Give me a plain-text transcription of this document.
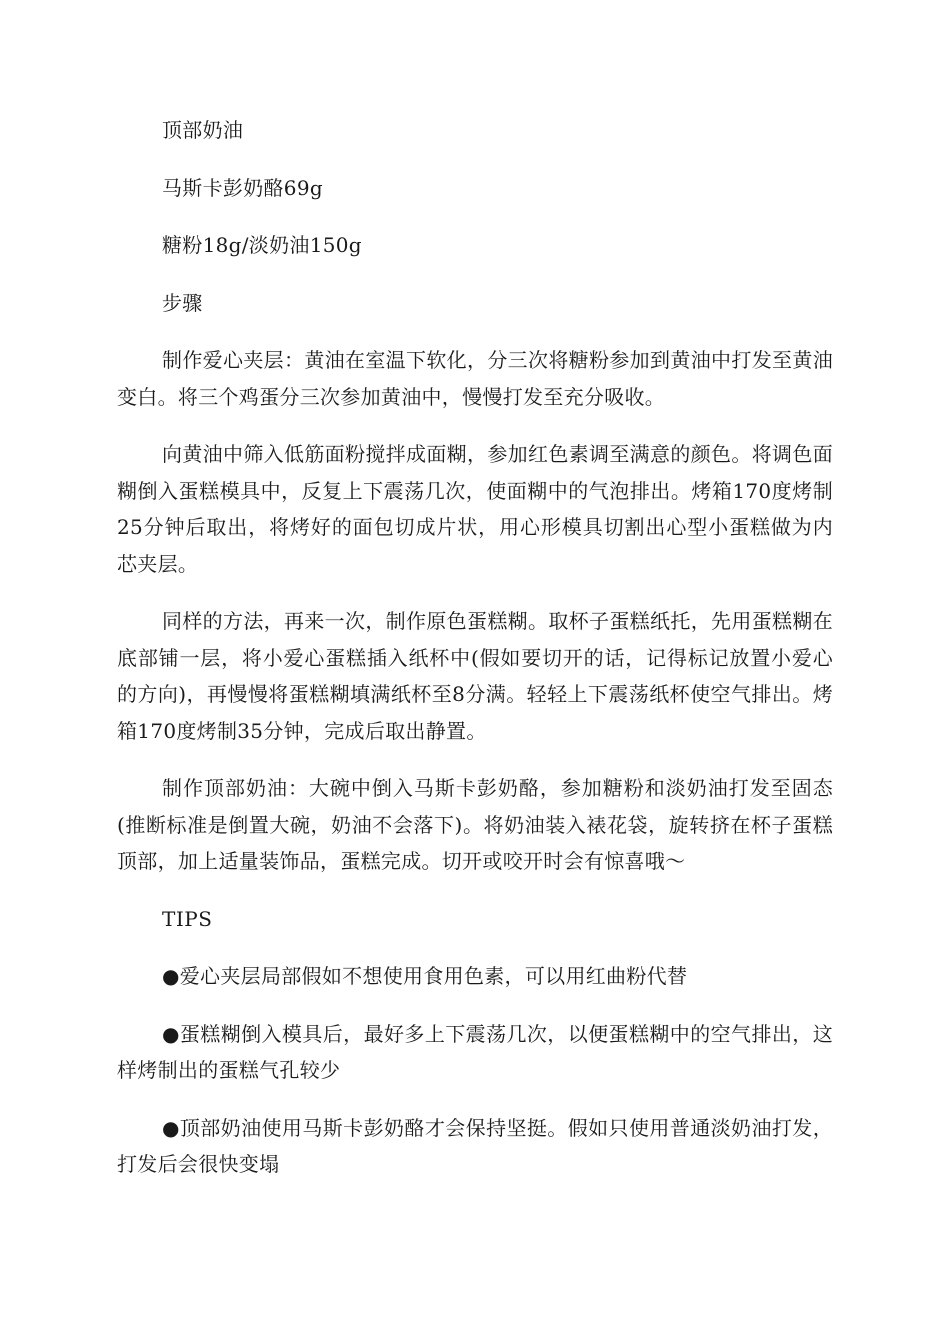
顶部奶油

马斯卡彭奶酪69g

糖粉18g/淡奶油150g

步骤

制作爱心夹层：黄油在室温下软化，分三次将糖粉参加到黄油中打发至黄油变白。将三个鸡蛋分三次参加黄油中，慢慢打发至充分吸收。

向黄油中筛入低筋面粉搅拌成面糊，参加红色素调至满意的颜色。将调色面糊倒入蛋糕模具中，反复上下震荡几次，使面糊中的气泡排出。烤箱170度烤制25分钟后取出，将烤好的面包切成片状，用心形模具切割出心型小蛋糕做为内芯夹层。

同样的方法，再来一次，制作原色蛋糕糊。取杯子蛋糕纸托，先用蛋糕糊在底部铺一层，将小爱心蛋糕插入纸杯中(假如要切开的话，记得标记放置小爱心的方向)，再慢慢将蛋糕糊填满纸杯至8分满。轻轻上下震荡纸杯使空气排出。烤箱170度烤制35分钟，完成后取出静置。

制作顶部奶油：大碗中倒入马斯卡彭奶酪，参加糖粉和淡奶油打发至固态(推断标准是倒置大碗，奶油不会落下)。将奶油装入裱花袋，旋转挤在杯子蛋糕顶部，加上适量装饰品，蛋糕完成。切开或咬开时会有惊喜哦～

TIPS

●爱心夹层局部假如不想使用食用色素，可以用红曲粉代替

●蛋糕糊倒入模具后，最好多上下震荡几次，以便蛋糕糊中的空气排出，这样烤制出的蛋糕气孔较少

●顶部奶油使用马斯卡彭奶酪才会保持坚挺。假如只使用普通淡奶油打发，打发后会很快变塌
